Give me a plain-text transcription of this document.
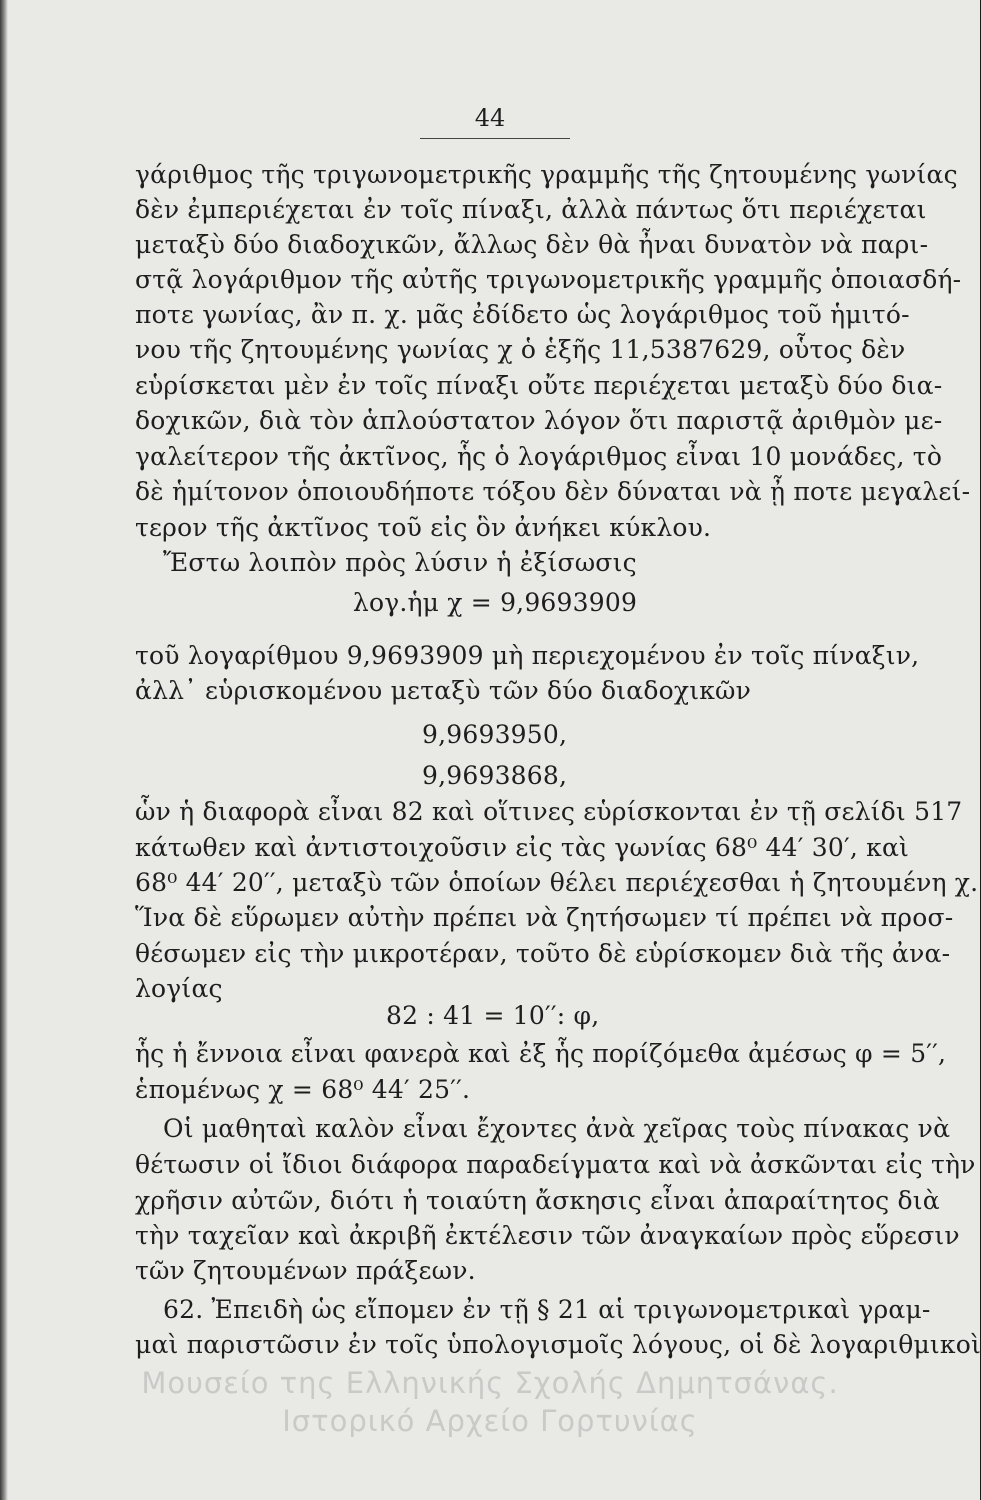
44
γάριθμος τῆς τριγωνομετρικῆς γραμμῆς τῆς ζητουμένης γωνίας
δὲν ἐμπεριέχεται ἐν τοῖς πίναξι, ἀλλὰ πάντως ὅτι περιέχεται
μεταξὺ δύο διαδοχικῶν, ἄλλως δὲν θὰ ἦναι δυνατὸν νὰ παρι-
στᾷ λογάριθμον τῆς αὐτῆς τριγωνομετρικῆς γραμμῆς ὁποιασδή-
ποτε γωνίας, ἂν π. χ. μᾶς ἐδίδετο ὡς λογάριθμος τοῦ ἡμιτό-
νου τῆς ζητουμένης γωνίας χ ὁ ἑξῆς 11,5387629, οὗτος δὲν
εὑρίσκεται μὲν ἐν τοῖς πίναξι οὔτε περιέχεται μεταξὺ δύο δια-
δοχικῶν, διὰ τὸν ἁπλούστατον λόγον ὅτι παριστᾷ ἀριθμὸν με-
γαλείτερον τῆς ἀκτῖνος, ἧς ὁ λογάριθμος εἶναι 10 μονάδες, τὸ
δὲ ἡμίτονον ὁποιουδήποτε τόξου δὲν δύναται νὰ ᾖ ποτε μεγαλεί-
τερον τῆς ἀκτῖνος τοῦ εἰς ὃν ἀνήκει κύκλου.
Ἔστω λοιπὸν πρὸς λύσιν ἡ ἐξίσωσις
λογ.ἡμ χ = 9,9693909
τοῦ λογαρίθμου 9,9693909 μὴ περιεχομένου ἐν τοῖς πίναξιν,
ἀλλ᾽ εὑρισκομένου μεταξὺ τῶν δύο διαδοχικῶν
9,9693950,
9,9693868,
ὧν ἡ διαφορὰ εἶναι 82 καὶ οἵτινες εὑρίσκονται ἐν τῇ σελίδι 517
κάτωθεν καὶ ἀντιστοιχοῦσιν εἰς τὰς γωνίας 68⁰ 44′ 30′, καὶ
68⁰ 44′ 20′′, μεταξὺ τῶν ὁποίων θέλει περιέχεσθαι ἡ ζητουμένη χ.
Ἵνα δὲ εὕρωμεν αὐτὴν πρέπει νὰ ζητήσωμεν τί πρέπει νὰ προσ-
θέσωμεν εἰς τὴν μικροτέραν, τοῦτο δὲ εὑρίσκομεν διὰ τῆς ἀνα-
λογίας
82 : 41 = 10′′: φ,
ἧς ἡ ἔννοια εἶναι φανερὰ καὶ ἐξ ἧς πορίζόμεθα ἀμέσως φ = 5′′,
ἑπομένως χ = 68⁰ 44′ 25′′.
Οἱ μαθηταὶ καλὸν εἶναι ἔχοντες ἀνὰ χεῖρας τοὺς πίνακας νὰ
θέτωσιν οἱ ἴδιοι διάφορα παραδείγματα καὶ νὰ ἀσκῶνται εἰς τὴν
χρῆσιν αὐτῶν, διότι ἡ τοιαύτη ἄσκησις εἶναι ἀπαραίτητος διὰ
τὴν ταχεῖαν καὶ ἀκριβῆ ἐκτέλεσιν τῶν ἀναγκαίων πρὸς εὕρεσιν
τῶν ζητουμένων πράξεων.
62. Ἐπειδὴ ὡς εἴπομεν ἐν τῇ § 21 αἱ τριγωνομετρικαὶ γραμ-
μαὶ παριστῶσιν ἐν τοῖς ὑπολογισμοῖς λόγους, οἱ δὲ λογαριθμικοὶ
Μουσείο της Ελληνικής Σχολής Δημητσάνας.
Ιστορικό Αρχείο Γορτυνίας
